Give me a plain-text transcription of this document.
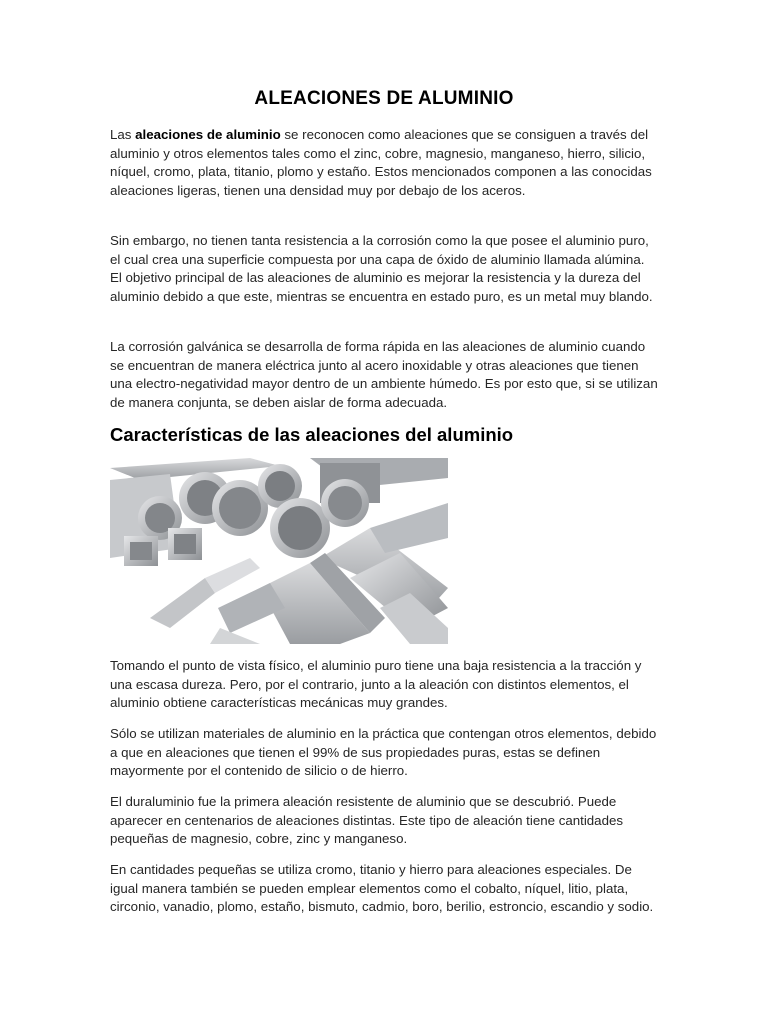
ALEACIONES DE ALUMINIO

Las aleaciones de aluminio se reconocen como aleaciones que se consiguen a través del aluminio y otros elementos tales como el zinc, cobre, magnesio, manganeso, hierro, silicio, níquel, cromo, plata, titanio, plomo y estaño. Estos mencionados componen a las conocidas aleaciones ligeras, tienen una densidad muy por debajo de los aceros.

Sin embargo, no tienen tanta resistencia a la corrosión como la que posee el aluminio puro, el cual crea una superficie compuesta por una capa de óxido de aluminio llamada alúmina. El objetivo principal de las aleaciones de aluminio es mejorar la resistencia y la dureza del aluminio debido a que este, mientras se encuentra en estado puro, es un metal muy blando.

La corrosión galvánica se desarrolla de forma rápida en las aleaciones de aluminio cuando se encuentran de manera eléctrica junto al acero inoxidable y otras aleaciones que tienen una electro-negatividad mayor dentro de un ambiente húmedo. Es por esto que, si se utilizan de manera conjunta, se deben aislar de forma adecuada.

Características de las aleaciones del aluminio

Tomando el punto de vista físico, el aluminio puro tiene una baja resistencia a la tracción y una escasa dureza. Pero, por el contrario, junto a la aleación con distintos elementos, el aluminio obtiene características mecánicas muy grandes.

Sólo se utilizan materiales de aluminio en la práctica que contengan otros elementos, debido a que en aleaciones que tienen el 99% de sus propiedades puras, estas se definen mayormente por el contenido de silicio o de hierro.

El duraluminio fue la primera aleación resistente de aluminio que se descubrió. Puede aparecer en centenarios de aleaciones distintas. Este tipo de aleación tiene cantidades pequeñas de magnesio, cobre, zinc y manganeso.

En cantidades pequeñas se utiliza cromo, titanio y hierro para aleaciones especiales. De igual manera también se pueden emplear elementos como el cobalto, níquel, litio, plata, circonio, vanadio, plomo, estaño, bismuto, cadmio, boro, berilio, estroncio, escandio y sodio.
